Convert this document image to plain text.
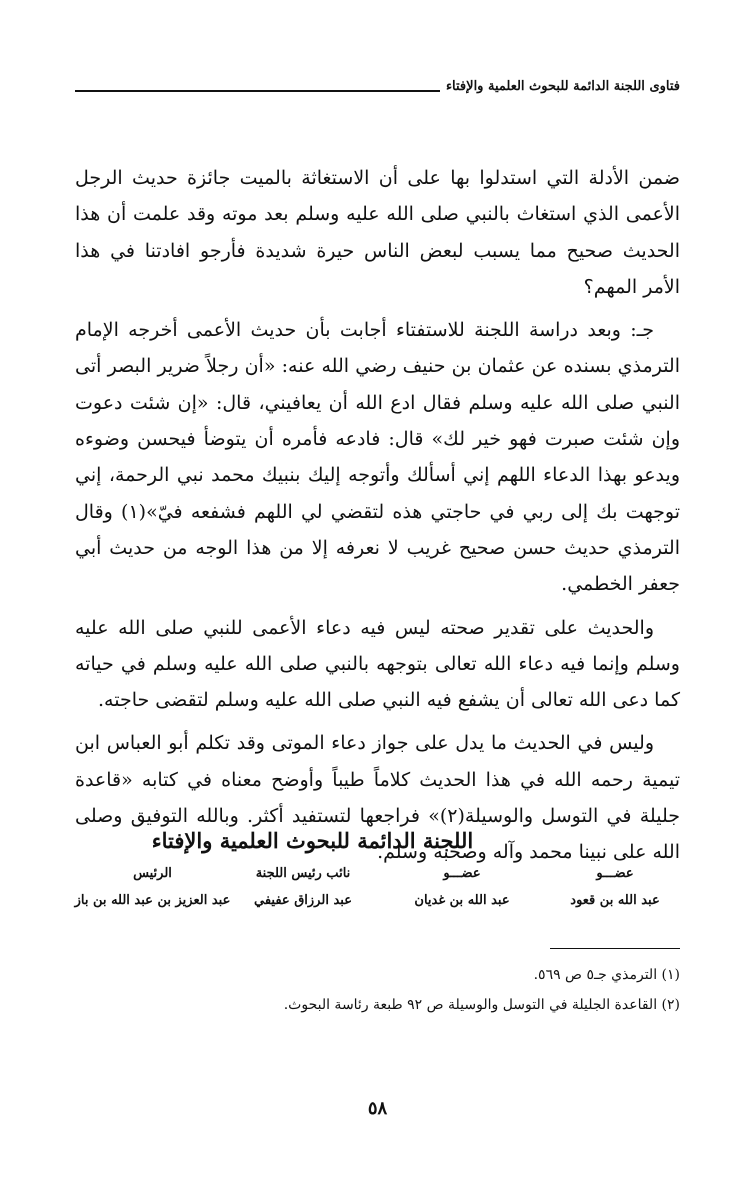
فتاوى اللجنة الدائمة للبحوث العلمية والإفتاء

ضمن الأدلة التي استدلوا بها على أن الاستغاثة بالميت جائزة حديث الرجل الأعمى الذي استغاث بالنبي صلى الله عليه وسلم بعد موته وقد علمت أن هذا الحديث صحيح مما يسبب لبعض الناس حيرة شديدة فأرجو افادتنا في هذا الأمر المهم؟

جـ: وبعد دراسة اللجنة للاستفتاء أجابت بأن حديث الأعمى أخرجه الإمام الترمذي بسنده عن عثمان بن حنيف رضي الله عنه: «أن رجلاً ضرير البصر أتى النبي صلى الله عليه وسلم فقال ادع الله أن يعافيني، قال: «إن شئت دعوت وإن شئت صبرت فهو خير لك» قال: فادعه فأمره أن يتوضأ فيحسن وضوءه ويدعو بهذا الدعاء اللهم إني أسألك وأتوجه إليك بنبيك محمد نبي الرحمة، إني توجهت بك إلى ربي في حاجتي هذه لتقضي لي اللهم فشفعه فيّ»(١) وقال الترمذي حديث حسن صحيح غريب لا نعرفه إلا من هذا الوجه من حديث أبي جعفر الخطمي.

والحديث على تقدير صحته ليس فيه دعاء الأعمى للنبي صلى الله عليه وسلم وإنما فيه دعاء الله تعالى بتوجهه بالنبي صلى الله عليه وسلم في حياته كما دعى الله تعالى أن يشفع فيه النبي صلى الله عليه وسلم لتقضى حاجته.

وليس في الحديث ما يدل على جواز دعاء الموتى وقد تكلم أبو العباس ابن تيمية رحمه الله في هذا الحديث كلاماً طيباً وأوضح معناه في كتابه «قاعدة جليلة في التوسل والوسيلة(٢)» فراجعها لتستفيد أكثر. وبالله التوفيق وصلى الله على نبينا محمد وآله وصحبه وسلم.

اللجنة الدائمة للبحوث العلمية والإفتاء
عضـــو
عبد الله بن قعود
عضـــو
عبد الله بن غديان
نائب رئيس اللجنة
عبد الرزاق عفيفي
الرئيس
عبد العزيز بن عبد الله بن باز
(١) الترمذي جـ٥ ص ٥٦٩.
(٢) القاعدة الجليلة في التوسل والوسيلة ص ٩٢ طبعة رئاسة البحوث.
٥٨
